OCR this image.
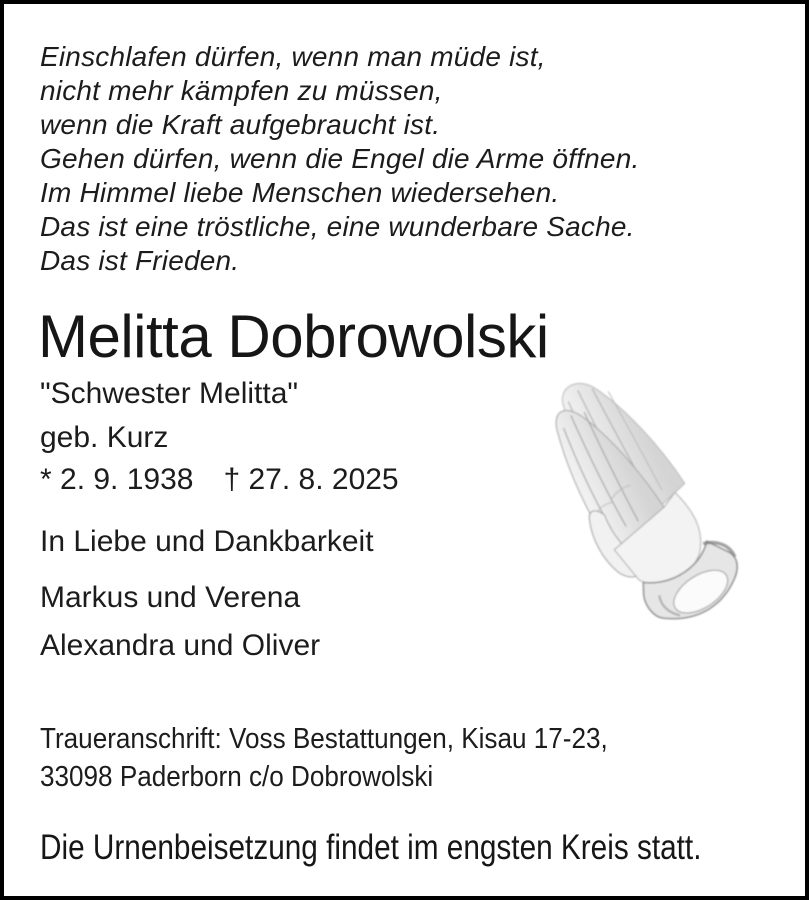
Einschlafen dürfen, wenn man müde ist,
nicht mehr kämpfen zu müssen,
wenn die Kraft aufgebraucht ist.
Gehen dürfen, wenn die Engel die Arme öffnen.
Im Himmel liebe Menschen wiedersehen.
Das ist eine tröstliche, eine wunderbare Sache.
Das ist Frieden.
Melitta Dobrowolski
"Schwester Melitta"
geb. Kurz
* 2. 9. 1938 † 27. 8. 2025
In Liebe und Dankbarkeit
Markus und Verena
Alexandra und Oliver
Traueranschrift: Voss Bestattungen, Kisau 17-23,
33098 Paderborn c/o Dobrowolski
Die Urnenbeisetzung findet im engsten Kreis statt.
